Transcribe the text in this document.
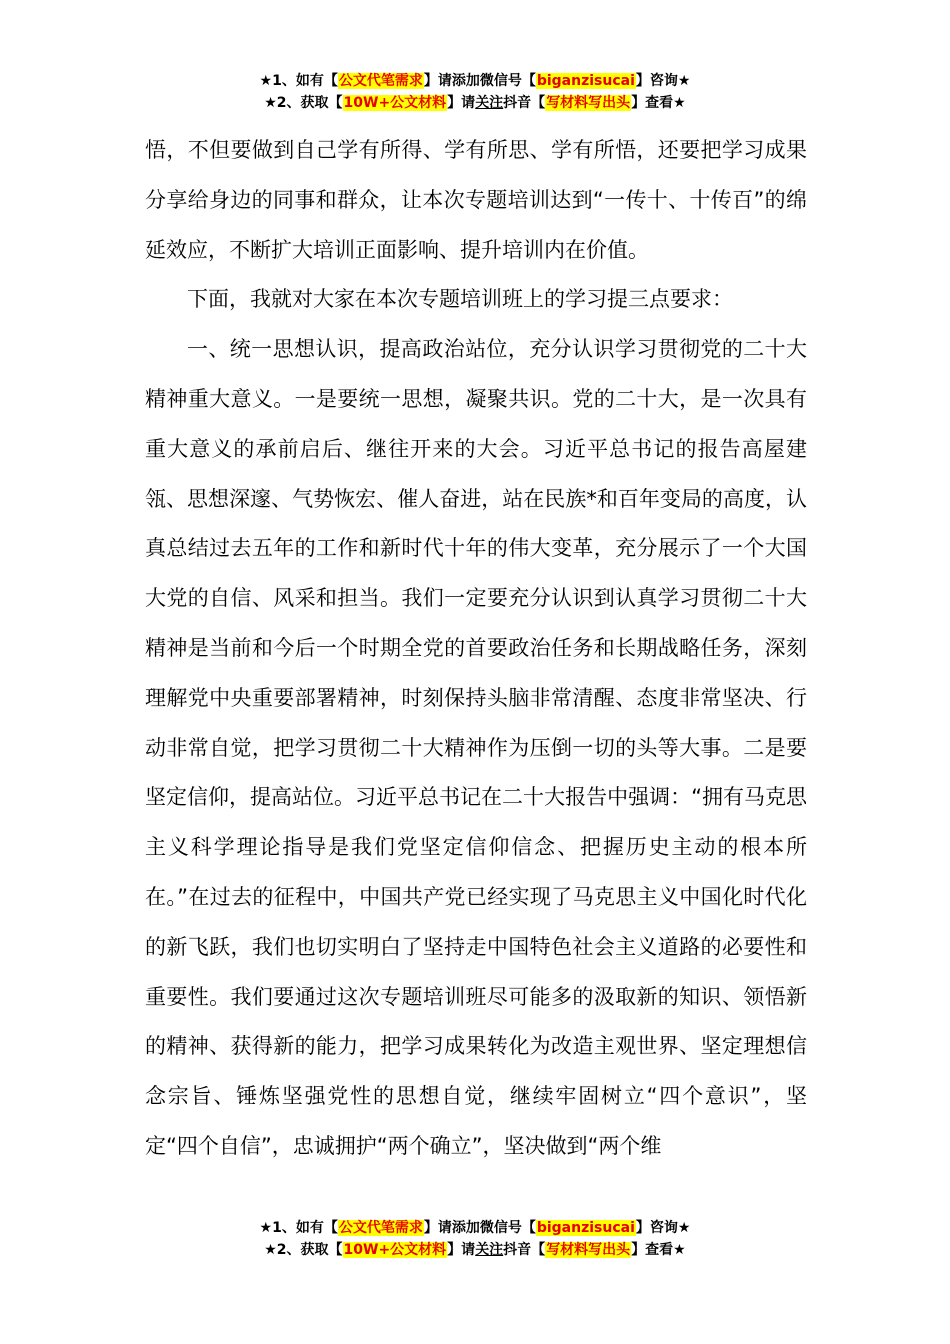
★1、如有【公文代笔需求】请添加微信号【biganzisucai】咨询★
★2、获取【10W+公文材料】请关注抖音【写材料写出头】查看★

悟，不但要做到自己学有所得、学有所思、学有所悟，还要把学习成果分享给身边的同事和群众，让本次专题培训达到“一传十、十传百”的绵延效应，不断扩大培训正面影响、提升培训内在价值。

下面，我就对大家在本次专题培训班上的学习提三点要求：

一、统一思想认识，提高政治站位，充分认识学习贯彻党的二十大精神重大意义。一是要统一思想，凝聚共识。党的二十大，是一次具有重大意义的承前启后、继往开来的大会。习近平总书记的报告高屋建瓴、思想深邃、气势恢宏、催人奋进，站在民族*和百年变局的高度，认真总结过去五年的工作和新时代十年的伟大变革，充分展示了一个大国大党的自信、风采和担当。我们一定要充分认识到认真学习贯彻二十大精神是当前和今后一个时期全党的首要政治任务和长期战略任务，深刻理解党中央重要部署精神，时刻保持头脑非常清醒、态度非常坚决、行动非常自觉，把学习贯彻二十大精神作为压倒一切的头等大事。二是要坚定信仰，提高站位。习近平总书记在二十大报告中强调：“拥有马克思主义科学理论指导是我们党坚定信仰信念、把握历史主动的根本所在。”在过去的征程中，中国共产党已经实现了马克思主义中国化时代化的新飞跃，我们也切实明白了坚持走中国特色社会主义道路的必要性和重要性。我们要通过这次专题培训班尽可能多的汲取新的知识、领悟新的精神、获得新的能力，把学习成果转化为改造主观世界、坚定理想信念宗旨、锤炼坚强党性的思想自觉，继续牢固树立“四个意识”，坚定“四个自信”，忠诚拥护“两个确立”，坚决做到“两个维

★1、如有【公文代笔需求】请添加微信号【biganzisucai】咨询★
★2、获取【10W+公文材料】请关注抖音【写材料写出头】查看★
